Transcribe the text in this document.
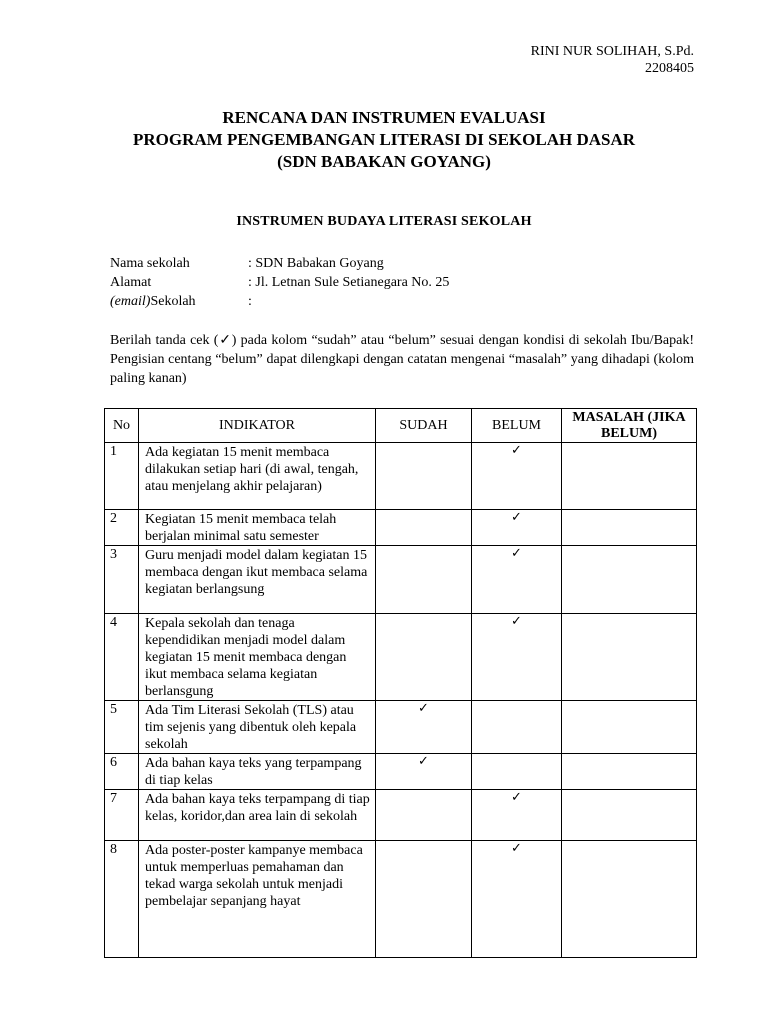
RINI NUR SOLIHAH, S.Pd.
2208405
RENCANA DAN INSTRUMEN EVALUASI
PROGRAM PENGEMBANGAN LITERASI DI SEKOLAH DASAR
(SDN BABAKAN GOYANG)
INSTRUMEN BUDAYA LITERASI SEKOLAH
Nama sekolah	: SDN Babakan Goyang
Alamat	: Jl. Letnan Sule Setianegara No. 25
(email)Sekolah	:
Berilah tanda cek (✓) pada kolom “sudah” atau “belum” sesuai dengan kondisi di sekolah Ibu/Bapak! Pengisian centang “belum” dapat dilengkapi dengan catatan mengenai “masalah” yang dihadapi (kolom paling kanan)
No	INDIKATOR	SUDAH	BELUM	MASALAH (JIKA BELUM)
1	Ada kegiatan 15 menit membaca dilakukan setiap hari (di awal, tengah, atau menjelang akhir pelajaran)		✓	
2	Kegiatan 15 menit membaca telah berjalan minimal satu semester		✓	
3	Guru menjadi model dalam kegiatan 15 membaca dengan ikut membaca selama kegiatan berlangsung		✓	
4	Kepala sekolah dan tenaga kependidikan menjadi model dalam kegiatan 15 menit membaca dengan ikut membaca selama kegiatan berlansgung		✓	
5	Ada Tim Literasi Sekolah (TLS) atau tim sejenis yang dibentuk oleh kepala sekolah	✓		
6	Ada bahan kaya teks yang terpampang di tiap kelas	✓		
7	Ada bahan kaya teks terpampang di tiap kelas, koridor,dan area lain di sekolah		✓	
8	Ada poster-poster kampanye membaca untuk memperluas pemahaman dan tekad warga sekolah untuk menjadi pembelajar sepanjang hayat		✓	
